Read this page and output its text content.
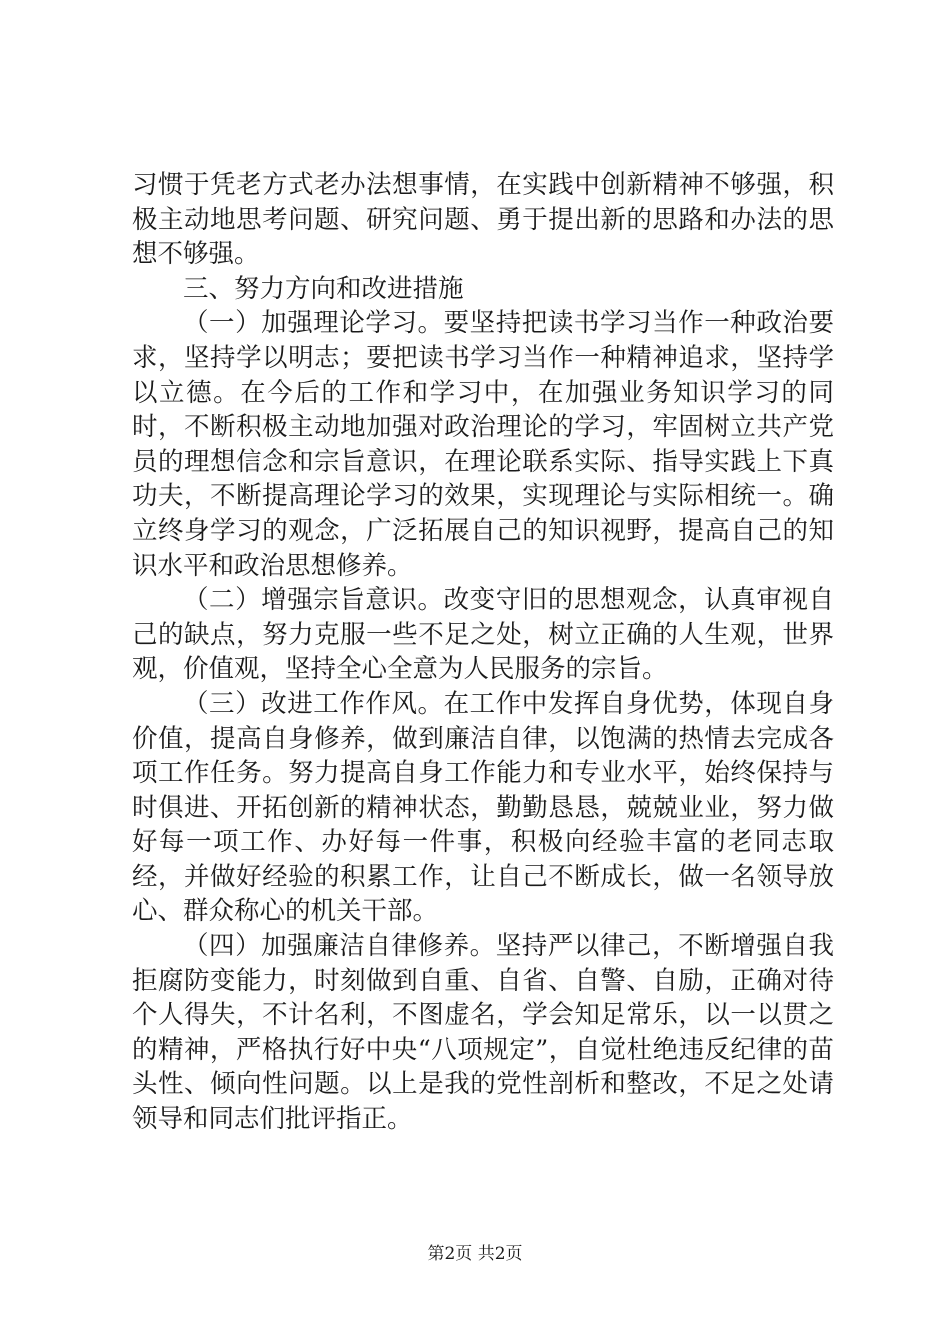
习惯于凭老方式老办法想事情，在实践中创新精神不够强，积极主动地思考问题、研究问题、勇于提出新的思路和办法的思想不够强。

三、努力方向和改进措施

（一）加强理论学习。要坚持把读书学习当作一种政治要求，坚持学以明志；要把读书学习当作一种精神追求，坚持学以立德。在今后的工作和学习中，在加强业务知识学习的同时，不断积极主动地加强对政治理论的学习，牢固树立共产党员的理想信念和宗旨意识，在理论联系实际、指导实践上下真功夫，不断提高理论学习的效果，实现理论与实际相统一。确立终身学习的观念，广泛拓展自己的知识视野，提高自己的知识水平和政治思想修养。

（二）增强宗旨意识。改变守旧的思想观念，认真审视自己的缺点，努力克服一些不足之处，树立正确的人生观，世界观，价值观，坚持全心全意为人民服务的宗旨。

（三）改进工作作风。在工作中发挥自身优势，体现自身价值，提高自身修养，做到廉洁自律，以饱满的热情去完成各项工作任务。努力提高自身工作能力和专业水平，始终保持与时俱进、开拓创新的精神状态，勤勤恳恳，兢兢业业，努力做好每一项工作、办好每一件事，积极向经验丰富的老同志取经，并做好经验的积累工作，让自己不断成长，做一名领导放心、群众称心的机关干部。

（四）加强廉洁自律修养。坚持严以律己，不断增强自我拒腐防变能力，时刻做到自重、自省、自警、自励，正确对待个人得失，不计名利，不图虚名，学会知足常乐，以一以贯之的精神，严格执行好中央“八项规定”，自觉杜绝违反纪律的苗头性、倾向性问题。以上是我的党性剖析和整改，不足之处请领导和同志们批评指正。

第2页 共2页
